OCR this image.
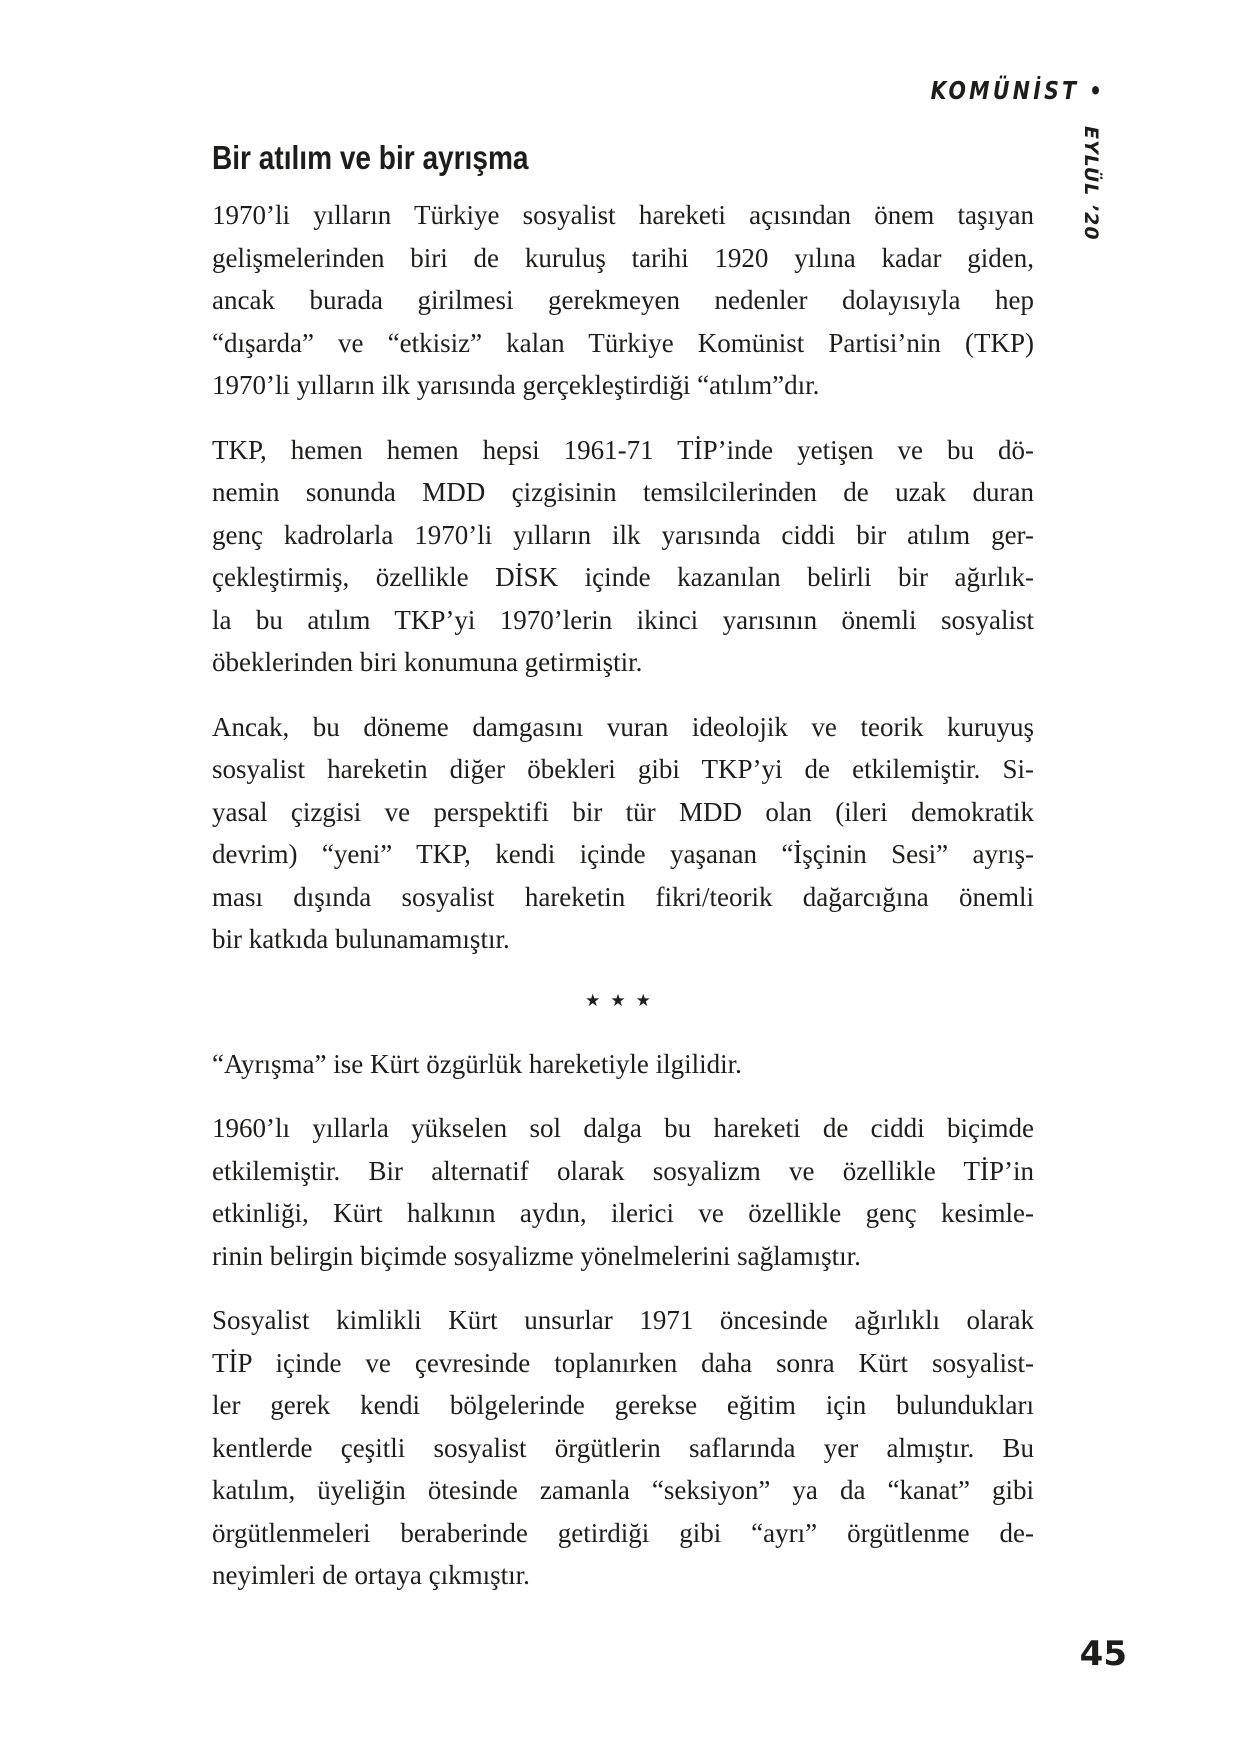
KOMÜNİST •
EYLÜL ’20
Bir atılım ve bir ayrışma
1970’li yılların Türkiye sosyalist hareketi açısından önem taşıyan
gelişmelerinden biri de kuruluş tarihi 1920 yılına kadar giden,
ancak burada girilmesi gerekmeyen nedenler dolayısıyla hep
“dışarda” ve “etkisiz” kalan Türkiye Komünist Partisi’nin (TKP)
1970’li yılların ilk yarısında gerçekleştirdiği “atılım”dır.
TKP, hemen hemen hepsi 1961-71 TİP’inde yetişen ve bu dö-
nemin sonunda MDD çizgisinin temsilcilerinden de uzak duran
genç kadrolarla 1970’li yılların ilk yarısında ciddi bir atılım ger-
çekleştirmiş, özellikle DİSK içinde kazanılan belirli bir ağırlık-
la bu atılım TKP’yi 1970’lerin ikinci yarısının önemli sosyalist
öbeklerinden biri konumuna getirmiştir.
Ancak, bu döneme damgasını vuran ideolojik ve teorik kuruyuş
sosyalist hareketin diğer öbekleri gibi TKP’yi de etkilemiştir. Si-
yasal çizgisi ve perspektifi bir tür MDD olan (ileri demokratik
devrim) “yeni” TKP, kendi içinde yaşanan “İşçinin Sesi” ayrış-
ması dışında sosyalist hareketin fikri/teorik dağarcığına önemli
bir katkıda bulunamamıştır.
★★★
“Ayrışma” ise Kürt özgürlük hareketiyle ilgilidir.
1960’lı yıllarla yükselen sol dalga bu hareketi de ciddi biçimde
etkilemiştir. Bir alternatif olarak sosyalizm ve özellikle TİP’in
etkinliği, Kürt halkının aydın, ilerici ve özellikle genç kesimle-
rinin belirgin biçimde sosyalizme yönelmelerini sağlamıştır.
Sosyalist kimlikli Kürt unsurlar 1971 öncesinde ağırlıklı olarak
TİP içinde ve çevresinde toplanırken daha sonra Kürt sosyalist-
ler gerek kendi bölgelerinde gerekse eğitim için bulundukları
kentlerde çeşitli sosyalist örgütlerin saflarında yer almıştır. Bu
katılım, üyeliğin ötesinde zamanla “seksiyon” ya da “kanat” gibi
örgütlenmeleri beraberinde getirdiği gibi “ayrı” örgütlenme de-
neyimleri de ortaya çıkmıştır.
45
